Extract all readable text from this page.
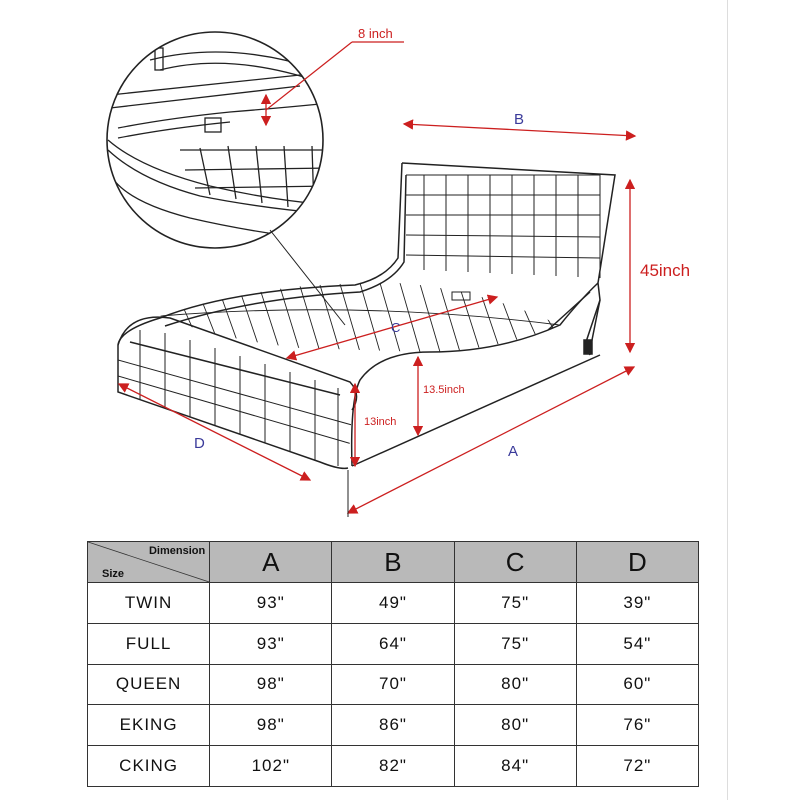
8 inch
B
45inch
C
13.5inch
13inch
A
D
Dimension
Size	A	B	C	D
TWIN	93"	49"	75"	39"
FULL	93"	64"	75"	54"
QUEEN	98"	70"	80"	60"
EKING	98"	86"	80"	76"
CKING	102"	82"	84"	72"
